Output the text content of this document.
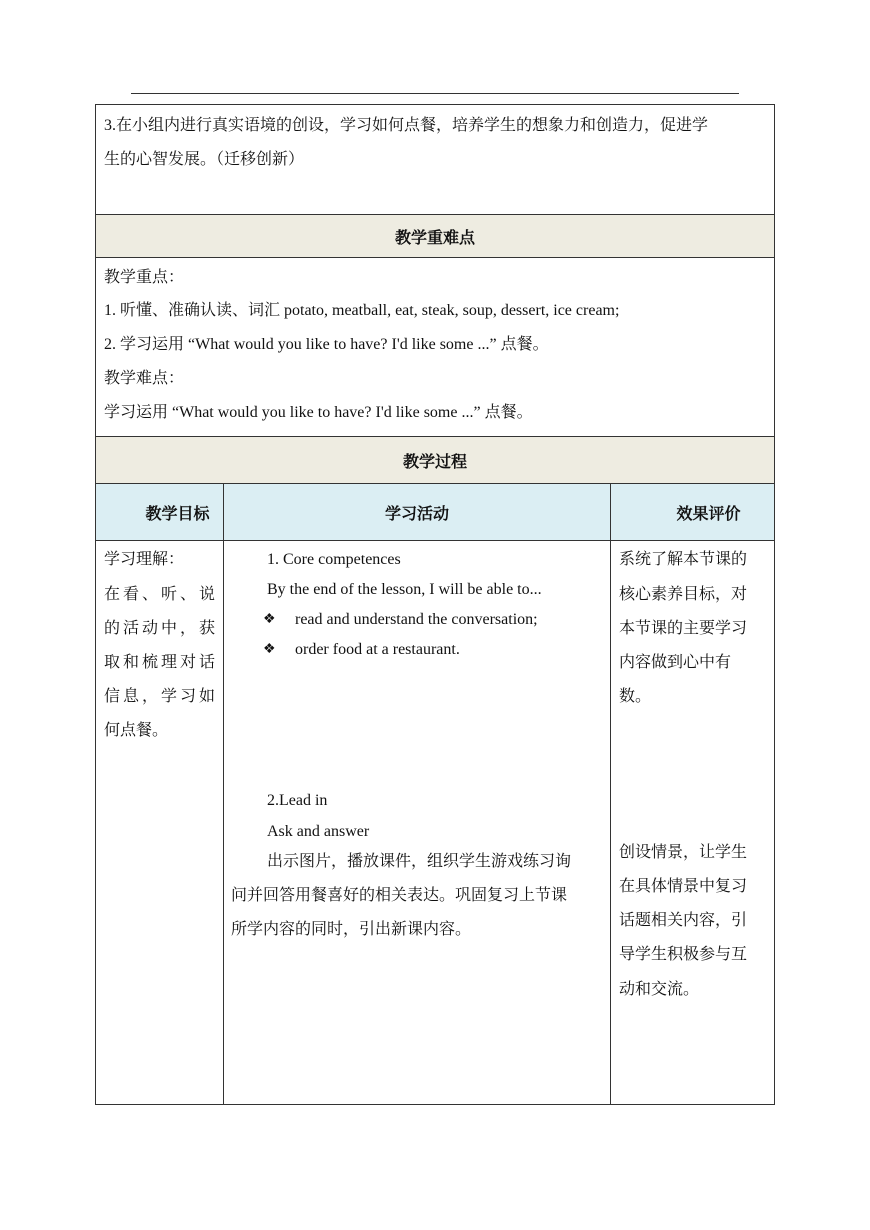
3.在小组内进行真实语境的创设，学习如何点餐，培养学生的想象力和创造力，促进学
生的心智发展。（迁移创新）
教学重难点
教学重点：
1. 听懂、准确认读、词汇 potato, meatball, eat, steak, soup, dessert, ice cream;
2. 学习运用 “What would you like to have? I'd like some ...” 点餐。
教学难点：
学习运用 “What would you like to have? I'd like some ...” 点餐。
教学过程
教学目标	学习活动	效果评价
学习理解：
在看、听、说
的活动中，获
取和梳理对话
信息，学习如
何点餐。
1. Core competences
By the end of the lesson, I will be able to...
❖ read and understand the conversation;
❖ order food at a restaurant.
2.Lead in
Ask and answer
出示图片，播放课件，组织学生游戏练习询
问并回答用餐喜好的相关表达。巩固复习上节课
所学内容的同时，引出新课内容。
系统了解本节课的
核心素养目标，对
本节课的主要学习
内容做到心中有
数。
创设情景，让学生
在具体情景中复习
话题相关内容，引
导学生积极参与互
动和交流。
